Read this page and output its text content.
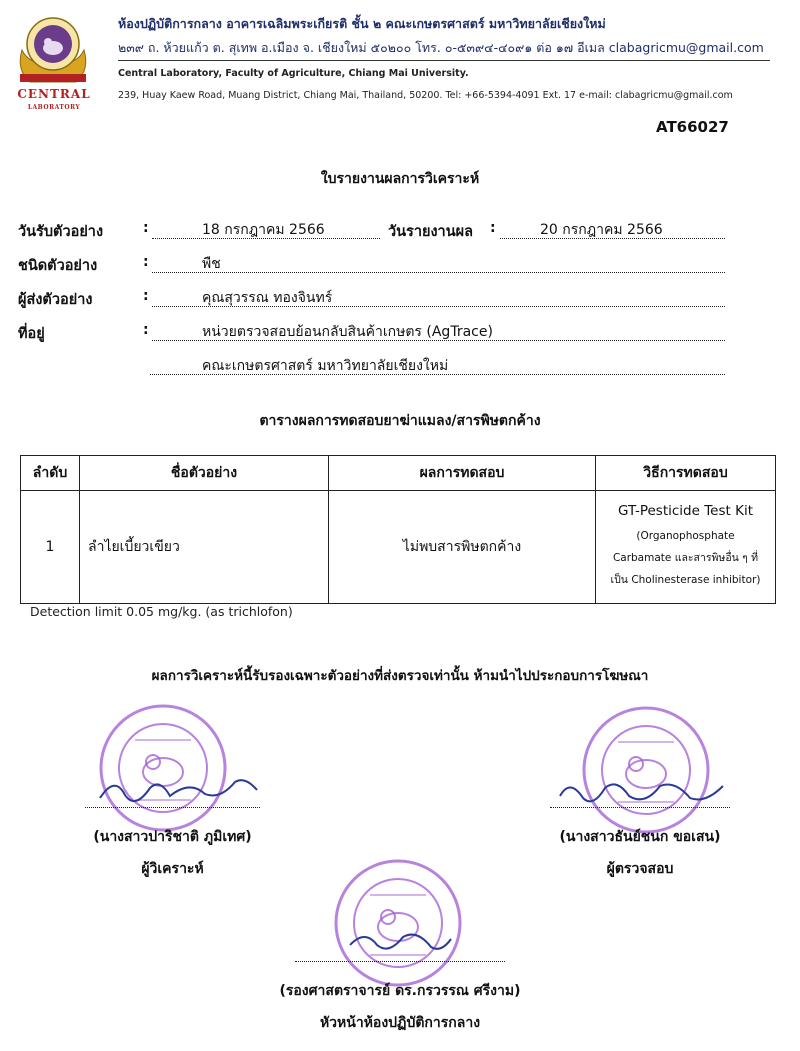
CENTRAL
LABORATORY
ห้องปฏิบัติการกลาง อาคารเฉลิมพระเกียรติ ชั้น ๒ คณะเกษตรศาสตร์ มหาวิทยาลัยเชียงใหม่
๒๓๙ ถ. ห้วยแก้ว ต. สุเทพ อ.เมือง จ. เชียงใหม่ ๕๐๒๐๐ โทร. ๐-๕๓๙๔-๔๐๙๑ ต่อ ๑๗ อีเมล clabagricmu@gmail.com
Central Laboratory, Faculty of Agriculture, Chiang Mai University.
239, Huay Kaew Road, Muang District, Chiang Mai, Thailand, 50200. Tel: +66-5394-4091 Ext. 17 e-mail: clabagricmu@gmail.com
AT66027
ใบรายงานผลการวิเคราะห์
วันรับตัวอย่าง	:	18 กรกฎาคม 2566	วันรายงานผล :	20 กรกฎาคม 2566
ชนิดตัวอย่าง	:	พืช
ผู้ส่งตัวอย่าง	:	คุณสุวรรณ ทองจินทร์
ที่อยู่	:	หน่วยตรวจสอบย้อนกลับสินค้าเกษตร (AgTrace)
คณะเกษตรศาสตร์ มหาวิทยาลัยเชียงใหม่
ตารางผลการทดสอบยาฆ่าแมลง/สารพิษตกค้าง
ลำดับ	ชื่อตัวอย่าง	ผลการทดสอบ	วิธีการทดสอบ
1	ลำไยเบี้ยวเขียว	ไม่พบสารพิษตกค้าง	GT-Pesticide Test Kit
(Organophosphate
Carbamate และสารพิษอื่น ๆ ที่
เป็น Cholinesterase inhibitor)
Detection limit 0.05 mg/kg. (as trichlofon)
ผลการวิเคราะห์นี้รับรองเฉพาะตัวอย่างที่ส่งตรวจเท่านั้น ห้ามนำไปประกอบการโฆษณา
(นางสาวปาริชาติ ภูมิเทศ)
ผู้วิเคราะห์
(นางสาวธันย์ชนก ขอเสน)
ผู้ตรวจสอบ
(รองศาสตราจารย์ ดร.กรวรรณ ศรีงาม)
หัวหน้าห้องปฏิบัติการกลาง
